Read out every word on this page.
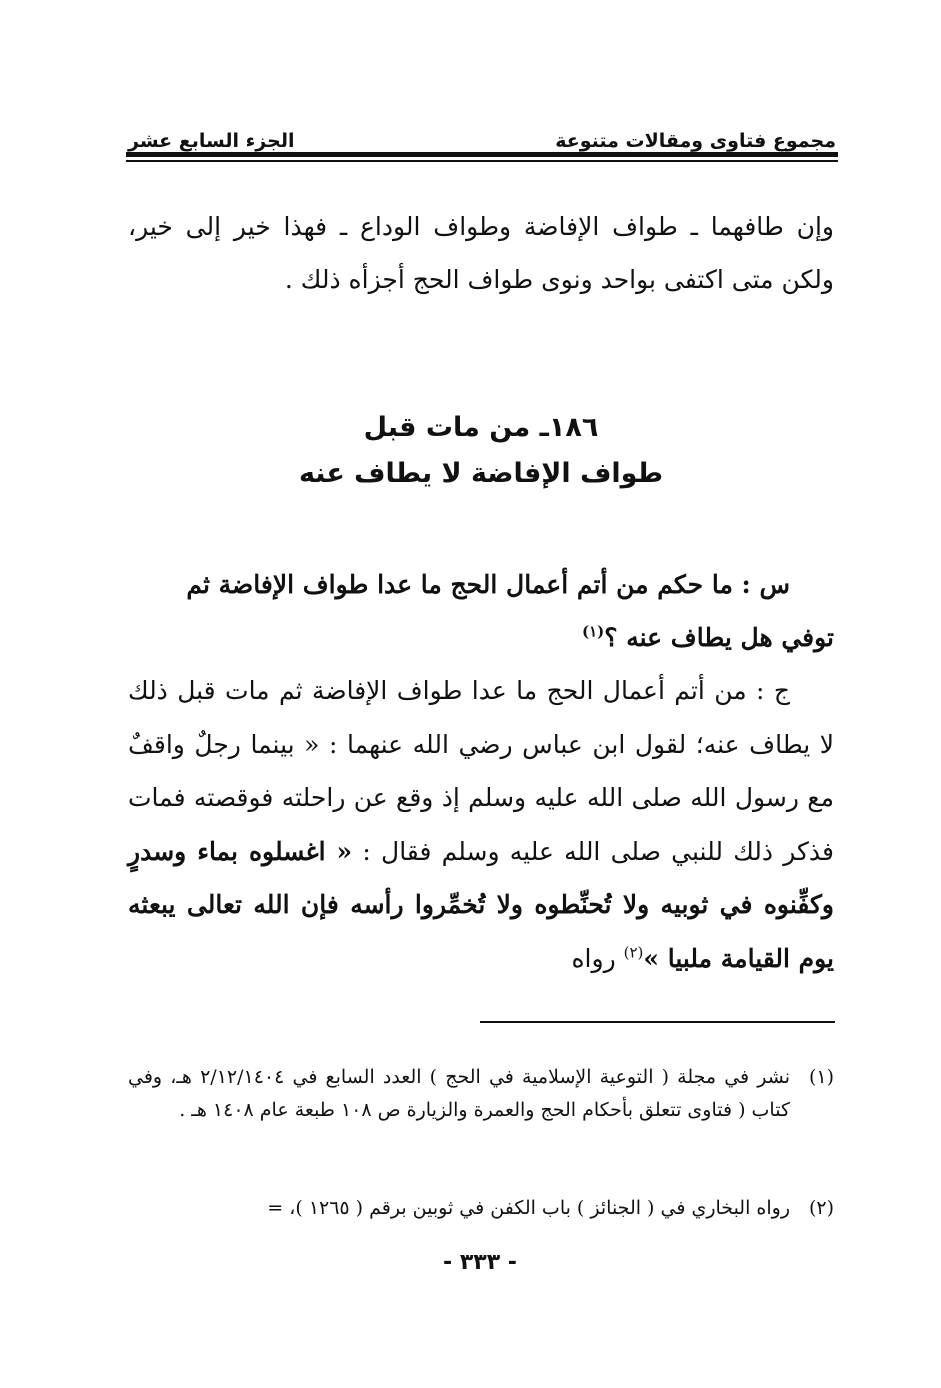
مجموع فتاوى ومقالات متنوعة
الجزء السابع عشر

وإن طافهما ـ طواف الإفاضة وطواف الوداع ـ فهذا خير إلى خير، ولكن متى اكتفى بواحد ونوى طواف الحج أجزأه ذلك .

١٨٦ـ من مات قبل
طواف الإفاضة لا يطاف عنه

س : ما حكم من أتم أعمال الحج ما عدا طواف الإفاضة ثم توفي هل يطاف عنه ؟$^{(١)}$

ج : من أتم أعمال الحج ما عدا طواف الإفاضة ثم مات قبل ذلك لا يطاف عنه؛ لقول ابن عباس رضي الله عنهما : « بينما رجلٌ واقفٌ مع رسول الله صلى الله عليه وسلم إذ وقع عن راحلته فوقصته فمات فذكر ذلك للنبي صلى الله عليه وسلم فقال : « اغسلوه بماء وسدرٍ وكفِّنوه في ثوبيه ولا تُحنِّطوه ولا تُخمِّروا رأسه فإن الله تعالى يبعثه يوم القيامة ملبيا »$^{(٢)}$ رواه

(١)
نشر في مجلة ( التوعية الإسلامية في الحج ) العدد السابع في ٢/١٢/١٤٠٤ هـ، وفي كتاب ( فتاوى تتعلق بأحكام الحج والعمرة والزيارة ص ١٠٨ طبعة عام ١٤٠٨ هـ .
(٢)
رواه البخاري في ( الجنائز ) باب الكفن في ثوبين برقم ( ١٢٦٥ )، =
- ٣٣٣ -
